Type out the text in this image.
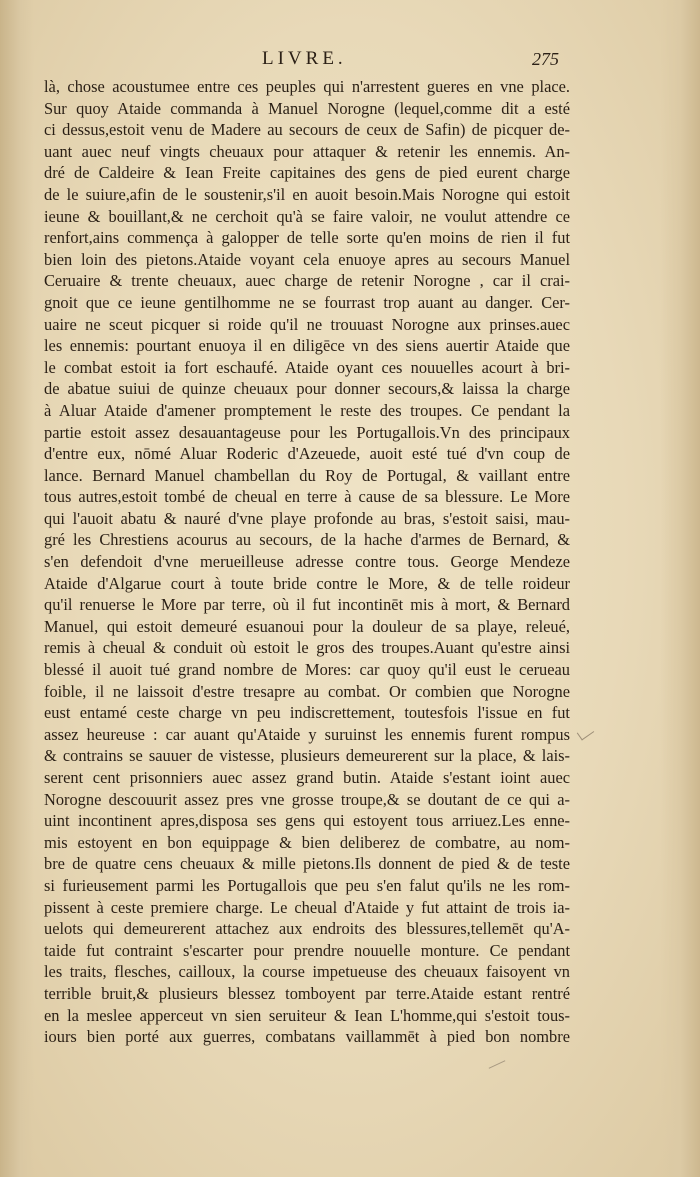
LIVRE.	275
là, chose acoustumee entre ces peuples qui n'arrestent gueres en vne place.
Sur quoy Ataide commanda à Manuel Norogne (lequel,comme dit a esté
ci dessus,estoit venu de Madere au secours de ceux de Safin) de picquer de-
uant auec neuf vingts cheuaux pour attaquer & retenir les ennemis. An-
dré de Caldeire & Iean Freite capitaines des gens de pied eurent charge
de le suiure,afin de le soustenir,s'il en auoit besoin.Mais Norogne qui estoit
ieune & bouillant,& ne cerchoit qu'à se faire valoir, ne voulut attendre ce
renfort,ains commença à galopper de telle sorte qu'en moins de rien il fut
bien loin des pietons.Ataide voyant cela enuoye apres au secours Manuel
Ceruaire & trente cheuaux, auec charge de retenir Norogne , car il crai-
gnoit que ce ieune gentilhomme ne se fourrast trop auant au danger. Cer-
uaire ne sceut picquer si roide qu'il ne trouuast Norogne aux prinses.auec
les ennemis: pourtant enuoya il en diligēce vn des siens auertir Ataide que
le combat estoit ia fort eschaufé. Ataide oyant ces nouuelles acourt à bri-
de abatue suiui de quinze cheuaux pour donner secours,& laissa la charge
à Aluar Ataide d'amener promptement le reste des troupes. Ce pendant la
partie estoit assez desauantageuse pour les Portugallois.Vn des principaux
d'entre eux, nōmé Aluar Roderic d'Azeuede, auoit esté tué d'vn coup de
lance. Bernard Manuel chambellan du Roy de Portugal, & vaillant entre
tous autres,estoit tombé de cheual en terre à cause de sa blessure. Le More
qui l'auoit abatu & nauré d'vne playe profonde au bras, s'estoit saisi, mau-
gré les Chrestiens acourus au secours, de la hache d'armes de Bernard, &
s'en defendoit d'vne merueilleuse adresse contre tous. George Mendeze
Ataide d'Algarue court à toute bride contre le More, & de telle roideur
qu'il renuerse le More par terre, où il fut incontinēt mis à mort, & Bernard
Manuel, qui estoit demeuré esuanoui pour la douleur de sa playe, releué,
remis à cheual & conduit où estoit le gros des troupes.Auant qu'estre ainsi
blessé il auoit tué grand nombre de Mores: car quoy qu'il eust le cerueau
foible, il ne laissoit d'estre tresapre au combat. Or combien que Norogne
eust entamé ceste charge vn peu indiscrettement, toutesfois l'issue en fut
assez heureuse : car auant qu'Ataide y suruinst les ennemis furent rompus
& contrains se sauuer de vistesse, plusieurs demeurerent sur la place, & lais-
serent cent prisonniers auec assez grand butin. Ataide s'estant ioint auec
Norogne descouurit assez pres vne grosse troupe,& se doutant de ce qui a-
uint incontinent apres,disposa ses gens qui estoyent tous arriuez.Les enne-
mis estoyent en bon equippage & bien deliberez de combatre, au nom-
bre de quatre cens cheuaux & mille pietons.Ils donnent de pied & de teste
si furieusement parmi les Portugallois que peu s'en falut qu'ils ne les rom-
pissent à ceste premiere charge. Le cheual d'Ataide y fut attaint de trois ia-
uelots qui demeurerent attachez aux endroits des blessures,tellemēt qu'A-
taide fut contraint s'escarter pour prendre nouuelle monture. Ce pendant
les traits, flesches, cailloux, la course impetueuse des cheuaux faisoyent vn
terrible bruit,& plusieurs blessez tomboyent par terre.Ataide estant rentré
en la meslee apperceut vn sien seruiteur & Iean L'homme,qui s'estoit tous-
iours bien porté aux guerres, combatans vaillammēt à pied bon nombre
